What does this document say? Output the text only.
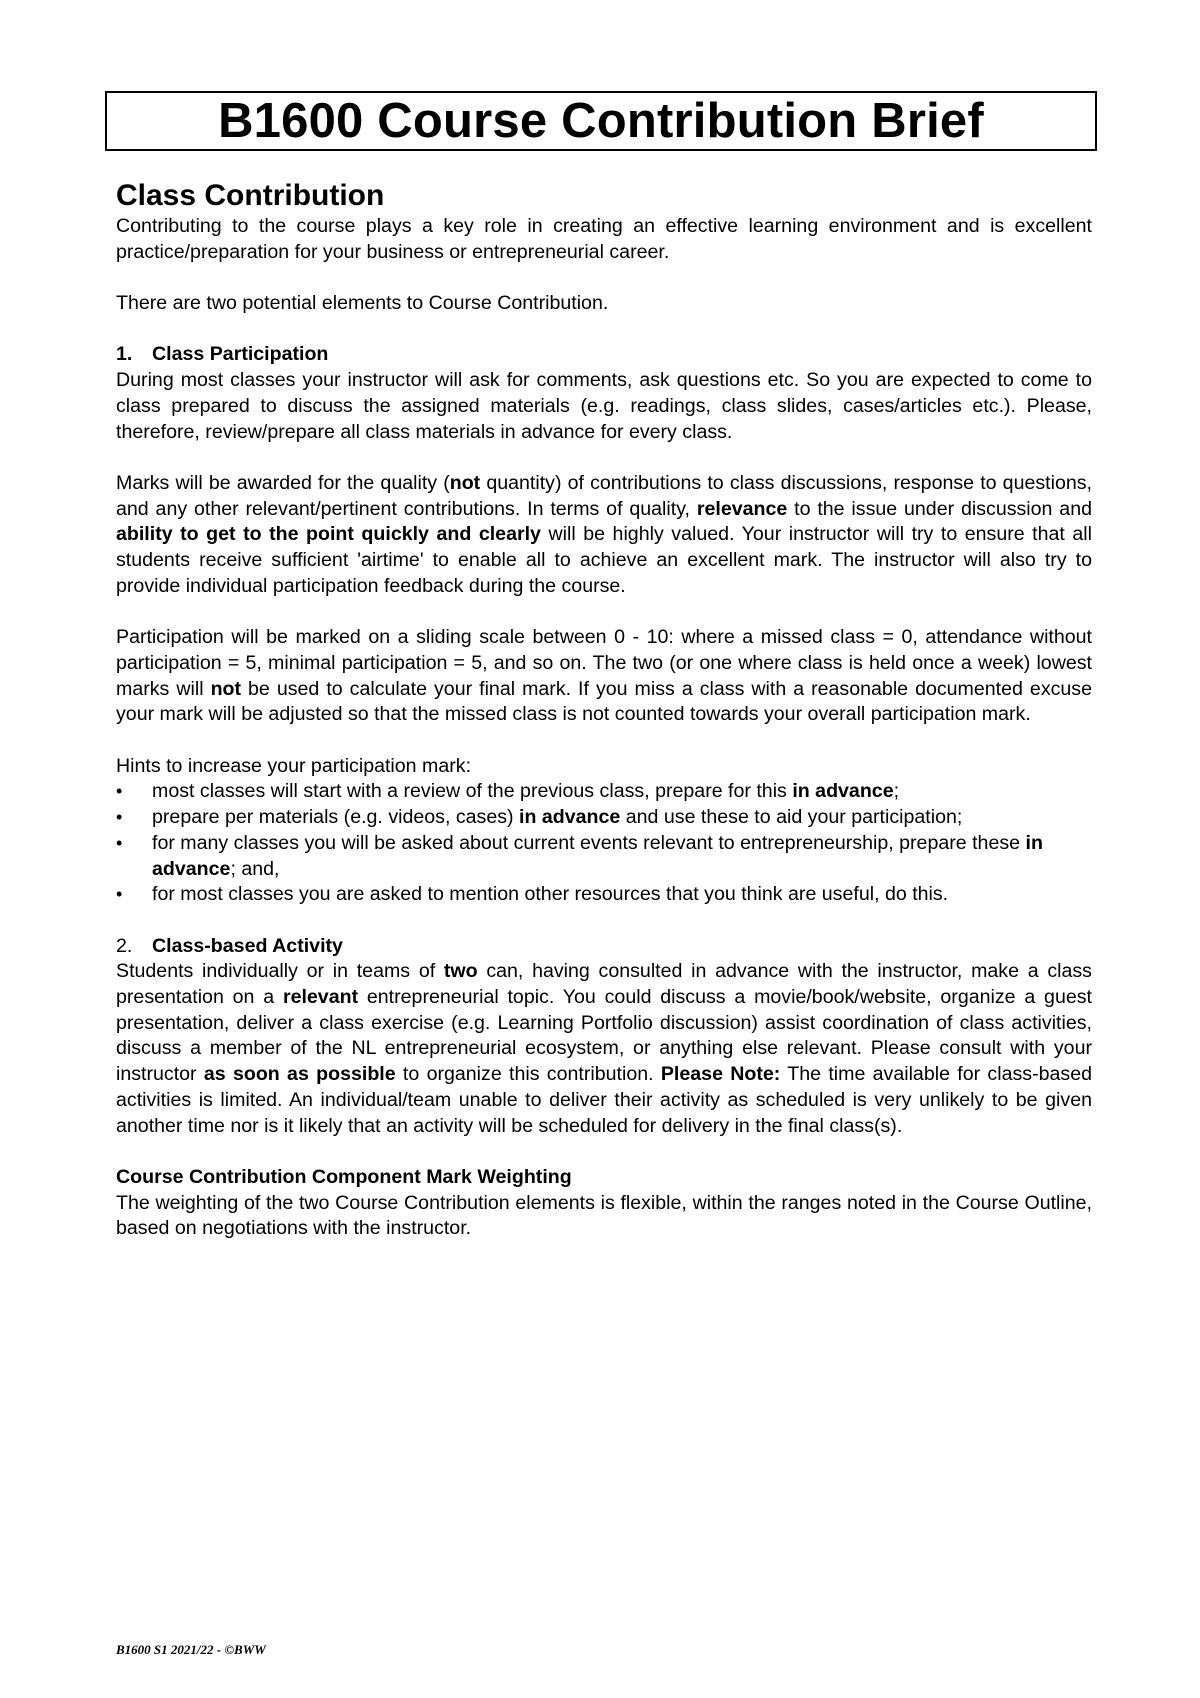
B1600 Course Contribution Brief
Class Contribution

Contributing to the course plays a key role in creating an effective learning environment and is excellent practice/preparation for your business or entrepreneurial career.

There are two potential elements to Course Contribution.

1. Class Participation

During most classes your instructor will ask for comments, ask questions etc. So you are expected to come to class prepared to discuss the assigned materials (e.g. readings, class slides, cases/articles etc.). Please, therefore, review/prepare all class materials in advance for every class.

Marks will be awarded for the quality (not quantity) of contributions to class discussions, response to questions, and any other relevant/pertinent contributions. In terms of quality, relevance to the issue under discussion and ability to get to the point quickly and clearly will be highly valued. Your instructor will try to ensure that all students receive sufficient 'airtime' to enable all to achieve an excellent mark. The instructor will also try to provide individual participation feedback during the course.

Participation will be marked on a sliding scale between 0 - 10: where a missed class = 0, attendance without participation = 5, minimal participation = 5, and so on. The two (or one where class is held once a week) lowest marks will not be used to calculate your final mark. If you miss a class with a reasonable documented excuse your mark will be adjusted so that the missed class is not counted towards your overall participation mark.

Hints to increase your participation mark:

•	most classes will start with a review of the previous class, prepare for this in advance;
•	prepare per materials (e.g. videos, cases) in advance and use these to aid your participation;
•	for many classes you will be asked about current events relevant to entrepreneurship, prepare these in advance; and,
•	for most classes you are asked to mention other resources that you think are useful, do this.

2. Class-based Activity

Students individually or in teams of two can, having consulted in advance with the instructor, make a class presentation on a relevant entrepreneurial topic. You could discuss a movie/book/website, organize a guest presentation, deliver a class exercise (e.g. Learning Portfolio discussion) assist coordination of class activities, discuss a member of the NL entrepreneurial ecosystem, or anything else relevant. Please consult with your instructor as soon as possible to organize this contribution. Please Note: The time available for class-based activities is limited. An individual/team unable to deliver their activity as scheduled is very unlikely to be given another time nor is it likely that an activity will be scheduled for delivery in the final class(s).

Course Contribution Component Mark Weighting

The weighting of the two Course Contribution elements is flexible, within the ranges noted in the Course Outline, based on negotiations with the instructor.

B1600 S1 2021/22 - ©BWW
